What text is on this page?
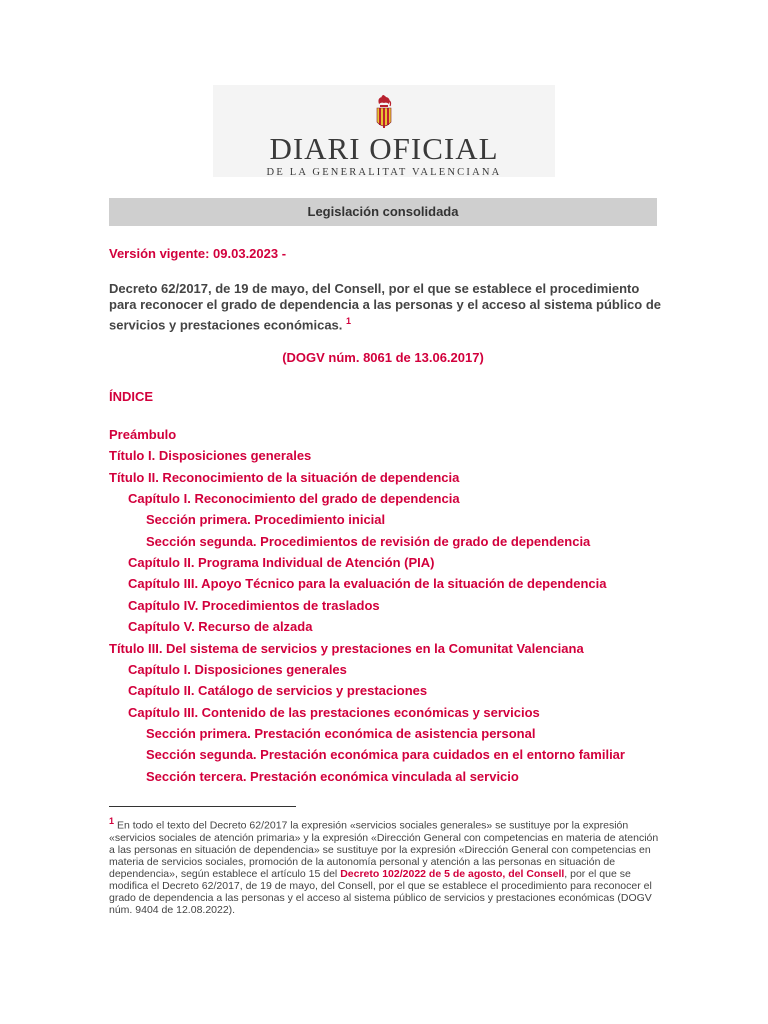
DIARI OFICIAL
DE LA GENERALITAT VALENCIANA
Legislación consolidada
Versión vigente: 09.03.2023 -
Decreto 62/2017, de 19 de mayo, del Consell, por el que se establece el procedimiento para reconocer el grado de dependencia a las personas y el acceso al sistema público de servicios y prestaciones económicas. $^1$
(DOGV núm. 8061 de 13.06.2017)
ÍNDICE
Preámbulo
Título I. Disposiciones generales
Título II. Reconocimiento de la situación de dependencia
Capítulo I. Reconocimiento del grado de dependencia
Sección primera. Procedimiento inicial
Sección segunda. Procedimientos de revisión de grado de dependencia
Capítulo II. Programa Individual de Atención (PIA)
Capítulo III. Apoyo Técnico para la evaluación de la situación de dependencia
Capítulo IV. Procedimientos de traslados
Capítulo V. Recurso de alzada
Título III. Del sistema de servicios y prestaciones en la Comunitat Valenciana
Capítulo I. Disposiciones generales
Capítulo II. Catálogo de servicios y prestaciones
Capítulo III. Contenido de las prestaciones económicas y servicios
Sección primera. Prestación económica de asistencia personal
Sección segunda. Prestación económica para cuidados en el entorno familiar
Sección tercera. Prestación económica vinculada al servicio
$^1$ En todo el texto del Decreto 62/2017 la expresión «servicios sociales generales» se sustituye por la expresión «servicios sociales de atención primaria» y la expresión «Dirección General con competencias en materia de atención a las personas en situación de dependencia» se sustituye por la expresión «Dirección General con competencias en materia de servicios sociales, promoción de la autonomía personal y atención a las personas en situación de dependencia», según establece el artículo 15 del Decreto 102/2022 de 5 de agosto, del Consell, por el que se modifica el Decreto 62/2017, de 19 de mayo, del Consell, por el que se establece el procedimiento para reconocer el grado de dependencia a las personas y el acceso al sistema público de servicios y prestaciones económicas (DOGV núm. 9404 de 12.08.2022).
